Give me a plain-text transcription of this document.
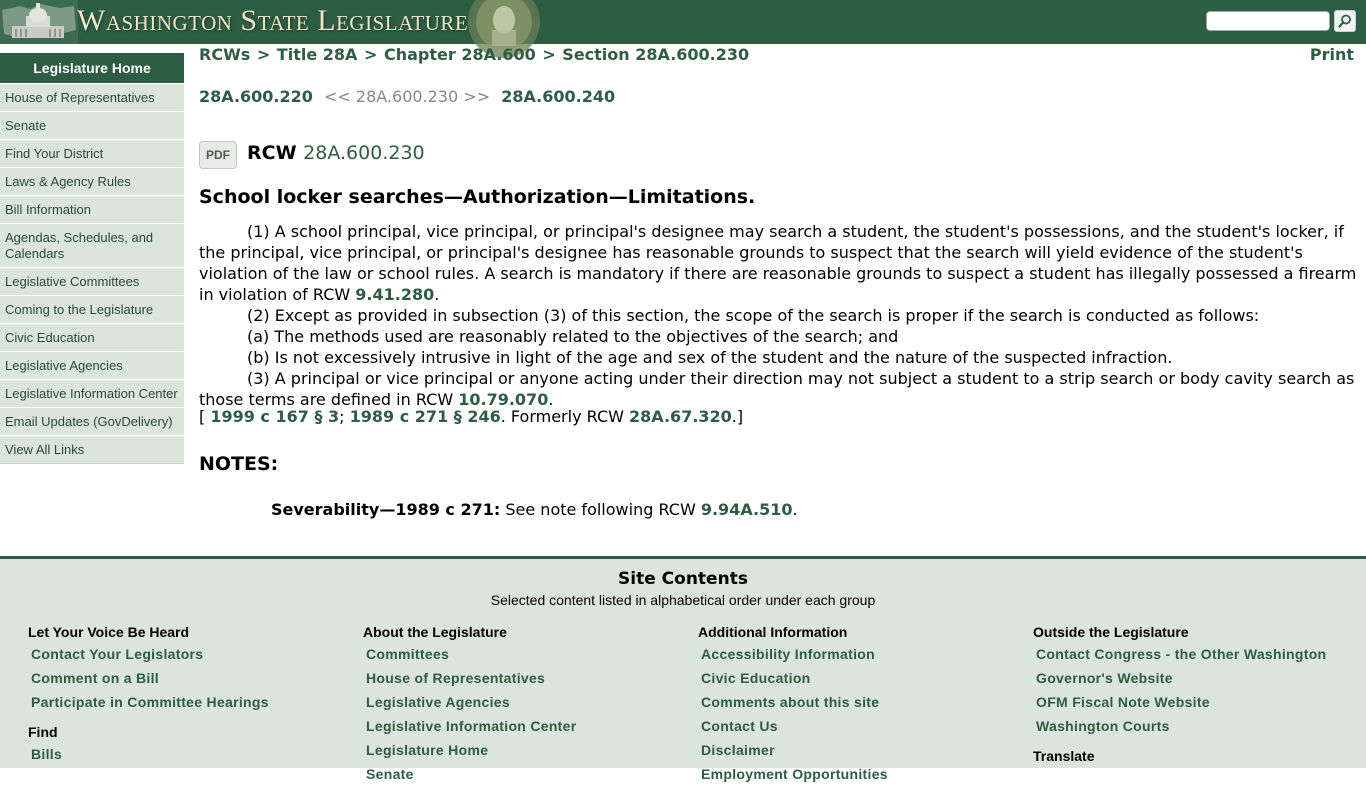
Washington State Legislature
Legislature Home
House of Representatives
Senate
Find Your District
Laws & Agency Rules
Bill Information
Agendas, Schedules, and Calendars
Legislative Committees
Coming to the Legislature
Civic Education
Legislative Agencies
Legislative Information Center
Email Updates (GovDelivery)
View All Links
RCWs > Title 28A > Chapter 28A.600 > Section 28A.600.230	Print
28A.600.220 << 28A.600.230 >> 28A.600.240
PDF RCW 28A.600.230
School locker searches—Authorization—Limitations.

(1) A school principal, vice principal, or principal's designee may search a student, the student's possessions, and the student's locker, if the principal, vice principal, or principal's designee has reasonable grounds to suspect that the search will yield evidence of the student's violation of the law or school rules. A search is mandatory if there are reasonable grounds to suspect a student has illegally possessed a firearm in violation of RCW 9.41.280.

(2) Except as provided in subsection (3) of this section, the scope of the search is proper if the search is conducted as follows:

(a) The methods used are reasonably related to the objectives of the search; and

(b) Is not excessively intrusive in light of the age and sex of the student and the nature of the suspected infraction.

(3) A principal or vice principal or anyone acting under their direction may not subject a student to a strip search or body cavity search as those terms are defined in RCW 10.79.070.

[ 1999 c 167 § 3; 1989 c 271 § 246. Formerly RCW 28A.67.320.]
NOTES:
Severability—1989 c 271: See note following RCW 9.94A.510.
Site Contents
Selected content listed in alphabetical order under each group
Let Your Voice Be Heard
Contact Your Legislators
Comment on a Bill
Participate in Committee Hearings
Find
Bills
About the Legislature
Committees
House of Representatives
Legislative Agencies
Legislative Information Center
Legislature Home
Senate
Additional Information
Accessibility Information
Civic Education
Comments about this site
Contact Us
Disclaimer
Employment Opportunities
Outside the Legislature
Contact Congress - the Other Washington
Governor's Website
OFM Fiscal Note Website
Washington Courts
Translate
